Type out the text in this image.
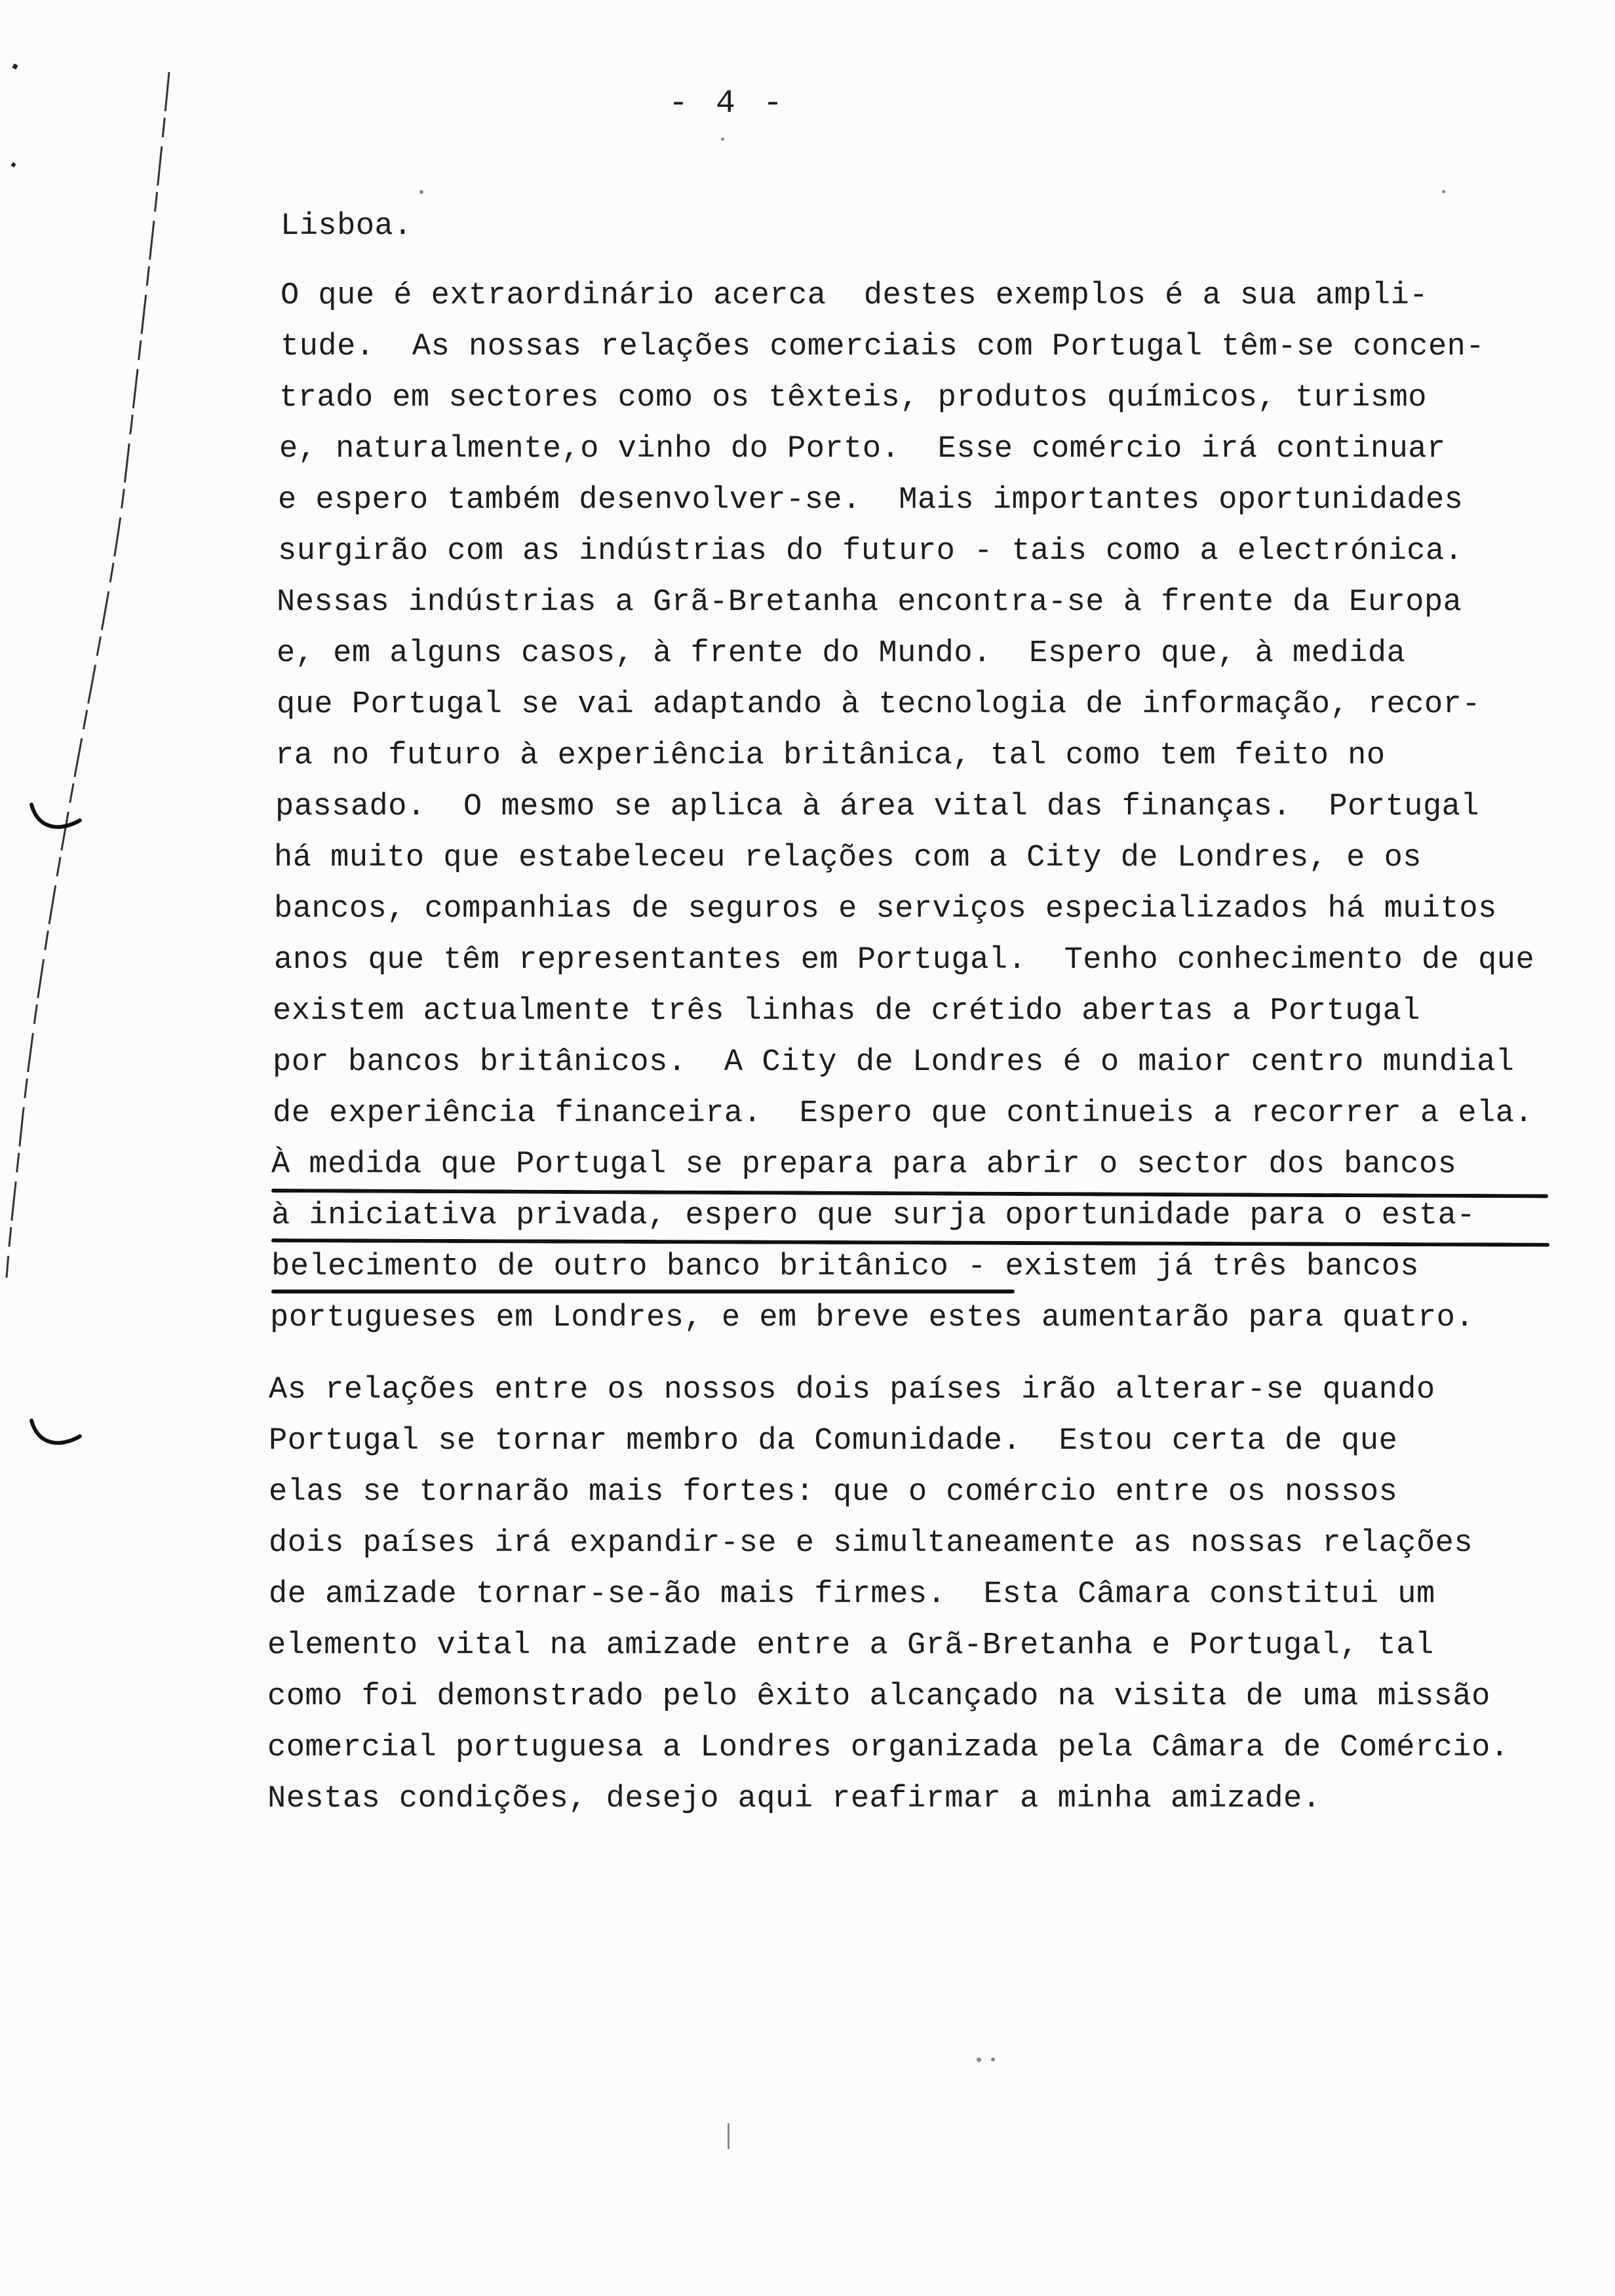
- 4 -
Lisboa.
O que é extraordinário acerca  destes exemplos é a sua ampli-
tude.  As nossas relações comerciais com Portugal têm-se concen-
trado em sectores como os têxteis, produtos químicos, turismo
e, naturalmente,o vinho do Porto.  Esse comércio irá continuar
e espero também desenvolver-se.  Mais importantes oportunidades
surgirão com as indústrias do futuro - tais como a electrónica.
Nessas indústrias a Grã-Bretanha encontra-se à frente da Europa
e, em alguns casos, à frente do Mundo.  Espero que, à medida
que Portugal se vai adaptando à tecnologia de informação, recor-
ra no futuro à experiência britânica, tal como tem feito no
passado.  O mesmo se aplica à área vital das finanças.  Portugal
há muito que estabeleceu relações com a City de Londres, e os
bancos, companhias de seguros e serviços especializados há muitos
anos que têm representantes em Portugal.  Tenho conhecimento de que
existem actualmente três linhas de crétido abertas a Portugal
por bancos britânicos.  A City de Londres é o maior centro mundial
de experiência financeira.  Espero que continueis a recorrer a ela.
À medida que Portugal se prepara para abrir o sector dos bancos
à iniciativa privada, espero que surja oportunidade para o esta-
belecimento de outro banco britânico - existem já três bancos
portugueses em Londres, e em breve estes aumentarão para quatro.
As relações entre os nossos dois países irão alterar-se quando
Portugal se tornar membro da Comunidade.  Estou certa de que
elas se tornarão mais fortes: que o comércio entre os nossos
dois países irá expandir-se e simultaneamente as nossas relações
de amizade tornar-se-ão mais firmes.  Esta Câmara constitui um
elemento vital na amizade entre a Grã-Bretanha e Portugal, tal
como foi demonstrado pelo êxito alcançado na visita de uma missão
comercial portuguesa a Londres organizada pela Câmara de Comércio.
Nestas condições, desejo aqui reafirmar a minha amizade.
